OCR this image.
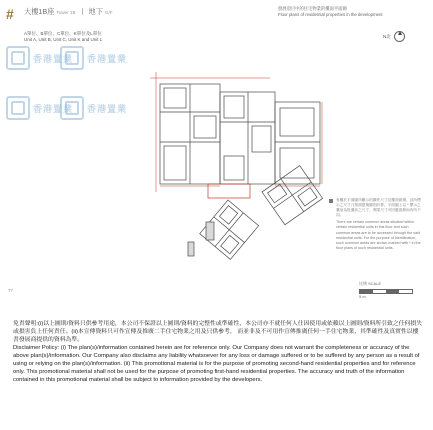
# 大樓1B座 Tower 1B 地下 G/F
A單位、B單位、C單位、K單位及L單位
Unit A, Unit B, Unit C, Unit K and Unit L
發展項目中的住宅物業的樓面平面圖
Floor plans of residential properties in the development
N北
香港置業 香港置業
香港置業 香港置業

有關於平面圖所顯示的構件尺寸及樓面面積，其所標示之尺寸乃按照建築圖則計算。平面圖上以 * 標示之牆身為批盪前之尺寸，實際尺寸可因應裝修而有所不同。

There are certain common areas situated within certain residential units in this floor and such common areas are to be accessed through the said residential units. For the purpose of identification, such common areas are shown marked with * in the floor plans of such residential units.

77
比例 SCALE
5 m

免責聲明:(i)以上圖則/資料只供參考用途，本公司不保證以上圖則/資料的完整性或準確性，本公司亦不就任何人仕因使用或依賴以上圖則/資料所引致之任何損失或損害負上任何責任。(ii)本宣傳資料只可作宣傳及推廣二手住宅物業之用及只供參考， 而並非及不可用作宣傳推廣任何一手住宅物業，其準確性及真實性以樓書發展商提供的資料為準。

Disclaimer Policy: (i) The plan(s)/information contained herein are for reference only. Our Company does not warrant the completeness or accuracy of the above plan(s)/information. Our Company also disclaims any liability whatsoever for any loss or damage suffered or to be suffered by any person as a result of using or relying on the plan(s)/information. (ii) This promotional material is for the purpose of promoting second-hand residential properties and for reference only. This promotional material shall not be used for the purpose of promoting first-hand residential properties. The accuracy and truth of the information contained in this promotional material shall be subject to information provided by the developers.
